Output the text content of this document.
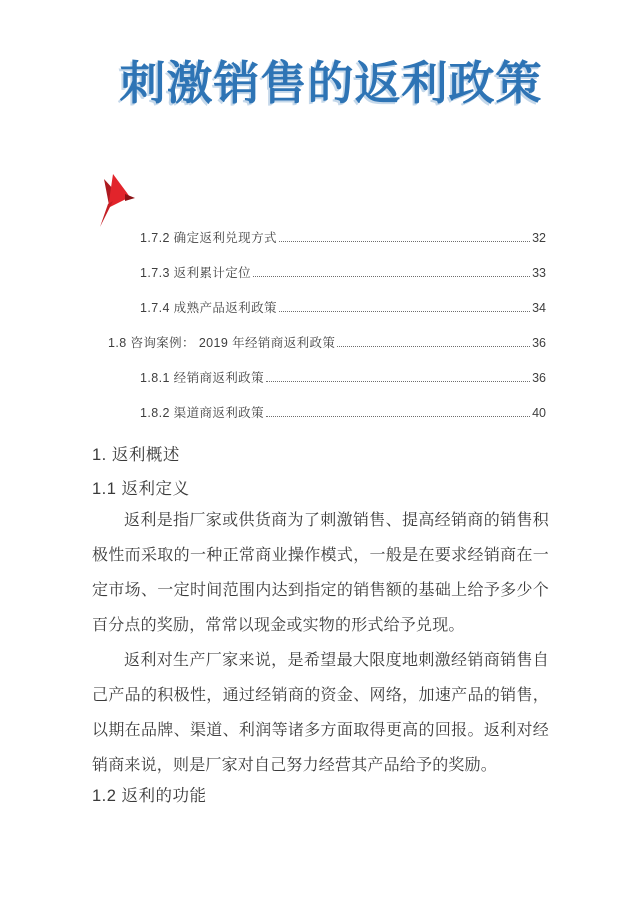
刺激销售的返利政策
1.7.2 确定返利兑现方式	32
1.7.3 返利累计定位	33
1.7.4 成熟产品返利政策	34
1.8 咨询案例： 2019 年经销商返利政策	36
1.8.1 经销商返利政策	36
1.8.2 渠道商返利政策	40
1. 返利概述
1.1 返利定义

返利是指厂家或供货商为了刺激销售、提高经销商的销售积极性而采取的一种正常商业操作模式，一般是在要求经销商在一定市场、一定时间范围内达到指定的销售额的基础上给予多少个百分点的奖励，常常以现金或实物的形式给予兑现。

返利对生产厂家来说，是希望最大限度地刺激经销商销售自己产品的积极性，通过经销商的资金、网络，加速产品的销售，以期在品牌、渠道、利润等诸多方面取得更高的回报。返利对经销商来说，则是厂家对自己努力经营其产品给予的奖励。

1.2 返利的功能
